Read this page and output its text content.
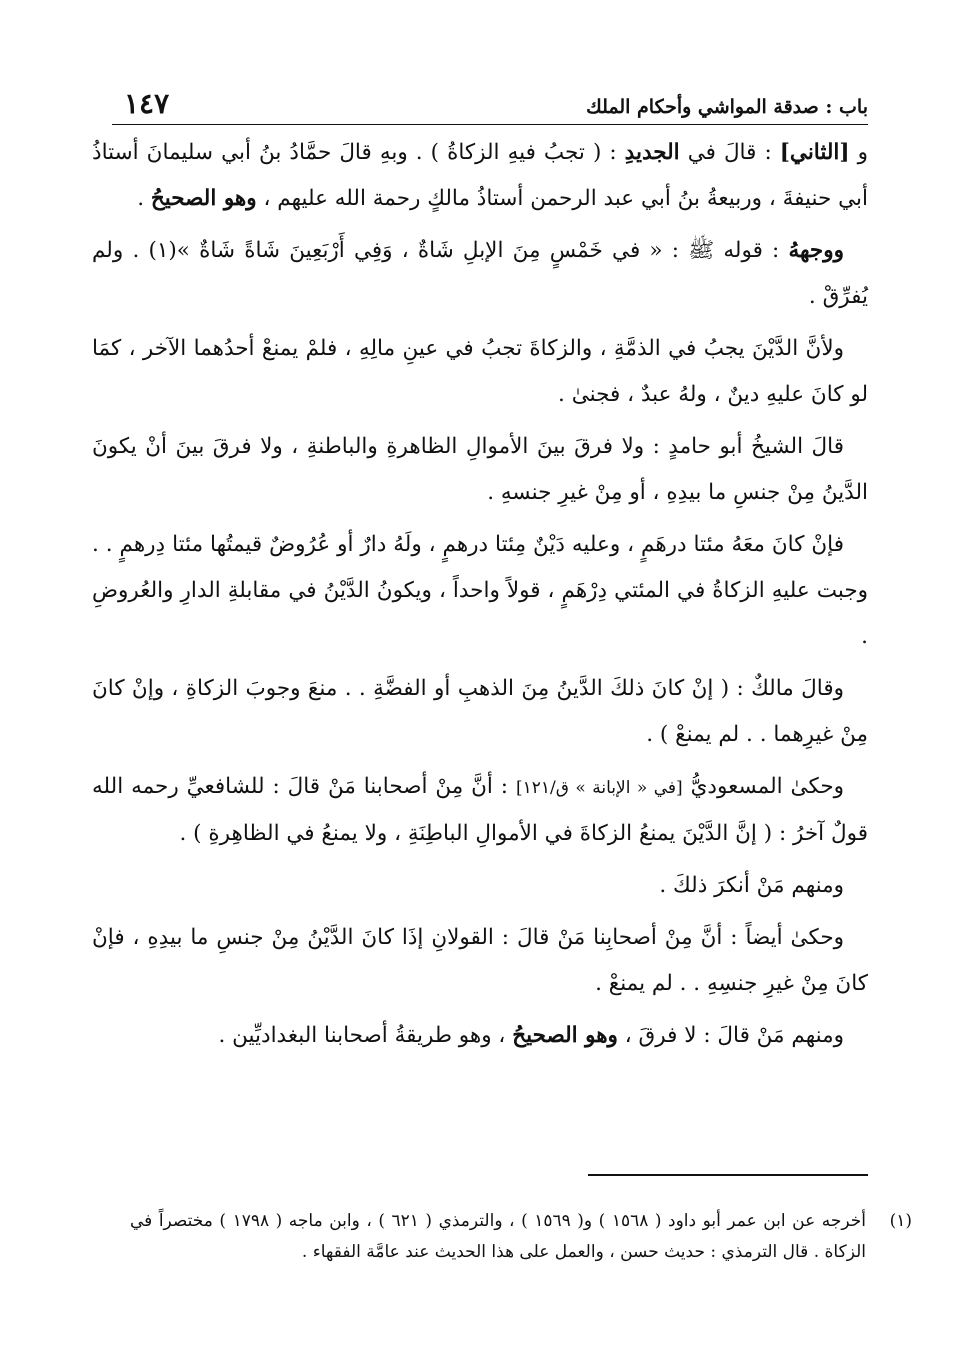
باب : صدقة المواشي وأحكام الملك
١٤٧

و [الثاني] : قالَ في الجديدِ : ( تجبُ فيهِ الزكاةُ ) . وبهِ قالَ حمَّادُ بنُ أبي سليمانَ أستاذُ أبي حنيفةَ ، وربيعةُ بنُ أبي عبد الرحمن أستاذُ مالكٍ رحمة الله عليهم ، وهو الصحيحُ .

ووجههُ : قوله ﷺ : « في خَمْسٍ مِنَ الإبلِ شَاةٌ ، وَفِي أَرْبَعِينَ شَاةً شَاةٌ »(١) . ولم يُفرِّقْ .

ولأنَّ الدَّيْنَ يجبُ في الذمَّةِ ، والزكاةَ تجبُ في عينِ مالِهِ ، فلمْ يمنعْ أحدُهما الآخر ، كمَا لو كانَ عليهِ دينٌ ، ولهُ عبدٌ ، فجنىٰ .

قالَ الشيخُ أبو حامدٍ : ولا فرقَ بينَ الأموالِ الظاهرةِ والباطنةِ ، ولا فرقَ بينَ أنْ يكونَ الدَّينُ مِنْ جنسِ ما بيدِهِ ، أو مِنْ غيرِ جنسهِ .

فإنْ كانَ معَهُ مئتا درهَمٍ ، وعليه دَيْنٌ مِئتا درهمٍ ، ولَهُ دارٌ أو عُرُوضٌ قيمتُها مئتا دِرهمٍ . . وجبت عليهِ الزكاةُ في المئتي دِرْهَمٍ ، قولاً واحداً ، ويكونُ الدَّيْنُ في مقابلةِ الدارِ والعُروضِ .

وقالَ مالكٌ : ( إنْ كانَ ذلكَ الدَّينُ مِنَ الذهبِ أو الفضَّةِ . . منعَ وجوبَ الزكاةِ ، وإنْ كانَ مِنْ غيرِهما . . لم يمنعْ ) .

وحكىٰ المسعوديُّ [في « الإبانة » ق/١٢١] : أنَّ مِنْ أصحابنا مَنْ قالَ : للشافعيِّ رحمه الله قولٌ آخرُ : ( إنَّ الدَّيْنَ يمنعُ الزكاةَ في الأموالِ الباطِنَةِ ، ولا يمنعُ في الظاهِرةِ ) .

ومنهم مَنْ أنكرَ ذلكَ .

وحكىٰ أيضاً : أنَّ مِنْ أصحابِنا مَنْ قالَ : القولانِ إذَا كانَ الدَّيْنُ مِنْ جنسِ ما بيدِهِ ، فإنْ كانَ مِنْ غيرِ جنسِهِ . . لم يمنعْ .

ومنهم مَنْ قالَ : لا فرقَ ، وهو الصحيحُ ، وهو طريقةُ أصحابنا البغداديِّين .

(١)
أخرجه عن ابن عمر أبو داود ( ١٥٦٨ ) و( ١٥٦٩ ) ، والترمذي ( ٦٢١ ) ، وابن ماجه ( ١٧٩٨ ) مختصراً في الزكاة . قال الترمذي : حديث حسن ، والعمل على هذا الحديث عند عامَّة الفقهاء .
